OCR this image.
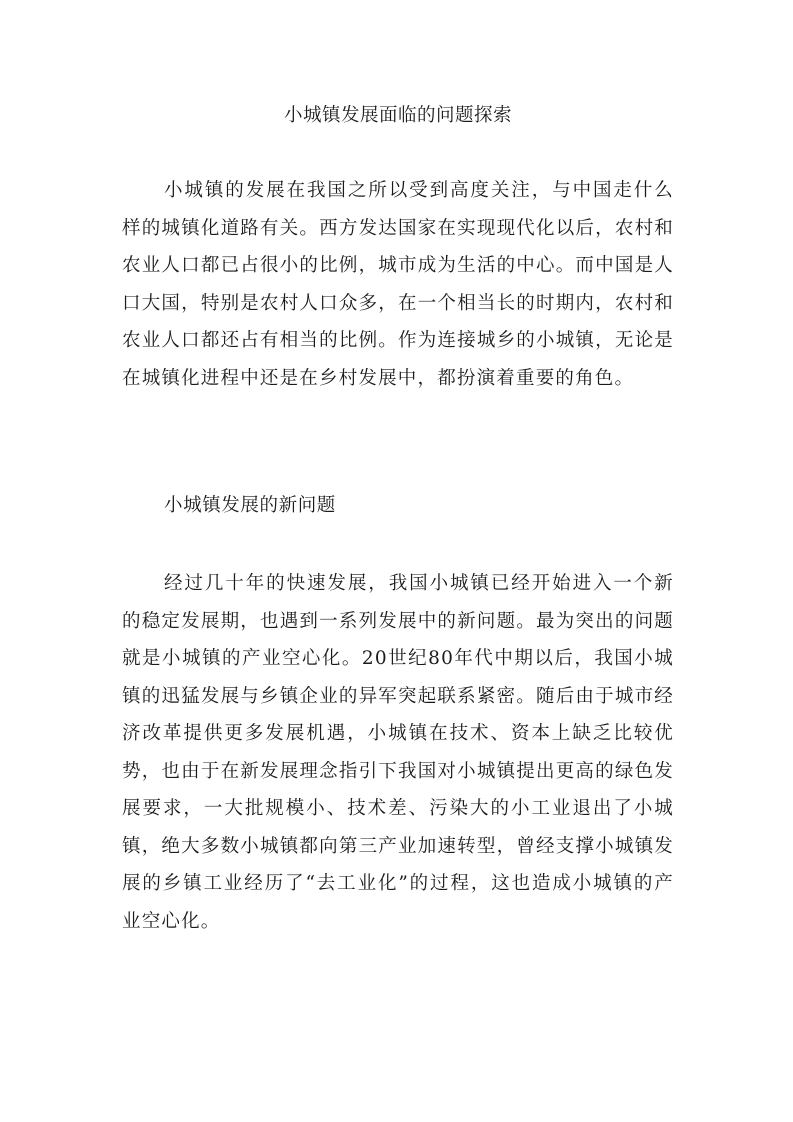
小城镇发展面临的问题探索

小城镇的发展在我国之所以受到高度关注，与中国走什么样的城镇化道路有关。西方发达国家在实现现代化以后，农村和农业人口都已占很小的比例，城市成为生活的中心。而中国是人口大国，特别是农村人口众多，在一个相当长的时期内，农村和农业人口都还占有相当的比例。作为连接城乡的小城镇，无论是在城镇化进程中还是在乡村发展中，都扮演着重要的角色。

小城镇发展的新问题

经过几十年的快速发展，我国小城镇已经开始进入一个新的稳定发展期，也遇到一系列发展中的新问题。最为突出的问题就是小城镇的产业空心化。20世纪80年代中期以后，我国小城镇的迅猛发展与乡镇企业的异军突起联系紧密。随后由于城市经济改革提供更多发展机遇，小城镇在技术、资本上缺乏比较优势，也由于在新发展理念指引下我国对小城镇提出更高的绿色发展要求，一大批规模小、技术差、污染大的小工业退出了小城镇，绝大多数小城镇都向第三产业加速转型，曾经支撑小城镇发展的乡镇工业经历了“去工业化”的过程，这也造成小城镇的产业空心化。
